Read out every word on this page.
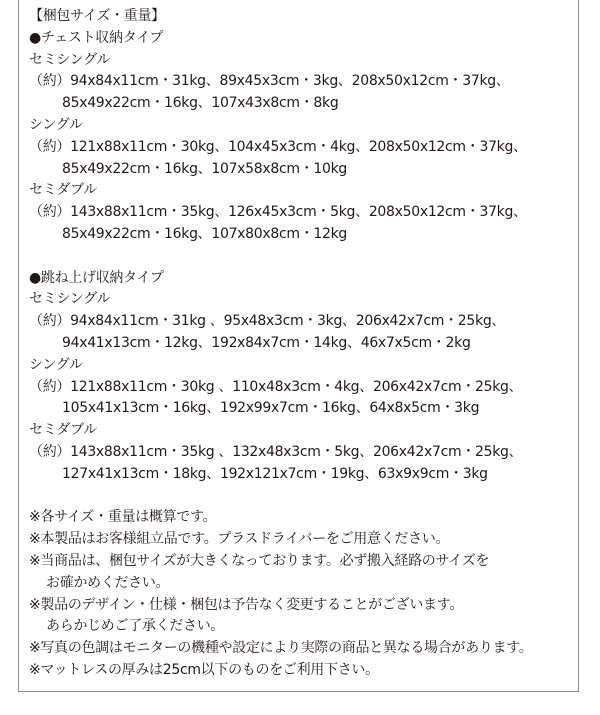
【梱包サイズ・重量】
●チェスト収納タイプ
セミシングル
（約）94x84x11cm・31kg、89x45x3cm・3kg、208x50x12cm・37kg、
85x49x22cm・16kg、107x43x8cm・8kg
シングル
（約）121x88x11cm・30kg、104x45x3cm・4kg、208x50x12cm・37kg、
85x49x22cm・16kg、107x58x8cm・10kg
セミダブル
（約）143x88x11cm・35kg、126x45x3cm・5kg、208x50x12cm・37kg、
85x49x22cm・16kg、107x80x8cm・12kg
●跳ね上げ収納タイプ
セミシングル
（約）94x84x11cm・31kg 、95x48x3cm・3kg、206x42x7cm・25kg、
94x41x13cm・12kg、192x84x7cm・14kg、46x7x5cm・2kg
シングル
（約）121x88x11cm・30kg 、110x48x3cm・4kg、206x42x7cm・25kg、
105x41x13cm・16kg、192x99x7cm・16kg、64x8x5cm・3kg
セミダブル
（約）143x88x11cm・35kg 、132x48x3cm・5kg、206x42x7cm・25kg、
127x41x13cm・18kg、192x121x7cm・19kg、63x9x9cm・3kg
※各サイズ・重量は概算です。
※本製品はお客様組立品です。プラスドライバーをご用意ください。
※当商品は、梱包サイズが大きくなっております。必ず搬入経路のサイズを
お確かめください。
※製品のデザイン・仕様・梱包は予告なく変更することがございます。
あらかじめご了承ください。
※写真の色調はモニターの機種や設定により実際の商品と異なる場合があります。
※マットレスの厚みは25cm以下のものをご利用下さい。
